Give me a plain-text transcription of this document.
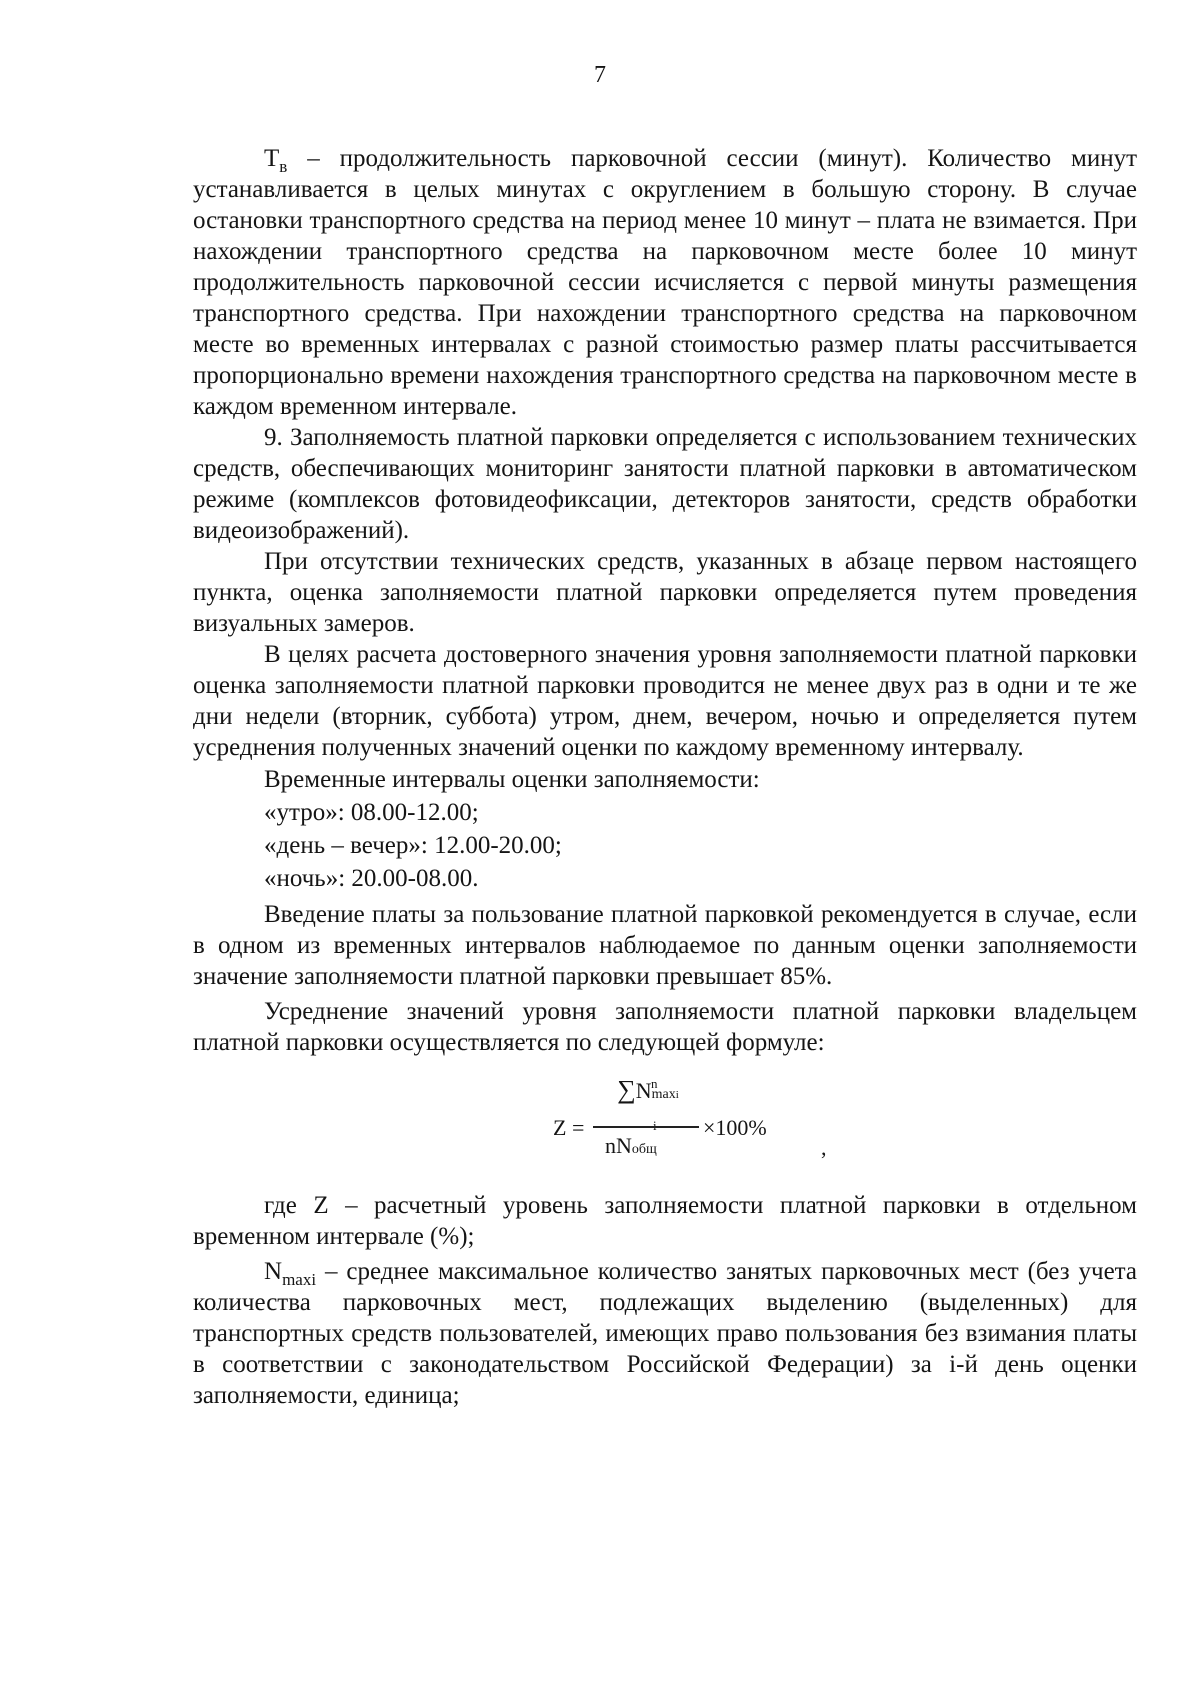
7

$Т_в$ – продолжительность парковочной сессии (минут). Количество минут устанавливается в целых минутах с округлением в большую сторону. В случае остановки транспортного средства на период менее 10 минут – плата не взимается. При нахождении транспортного средства на парковочном месте более 10 минут продолжительность парковочной сессии исчисляется с первой минуты размещения транспортного средства. При нахождении транспортного средства на парковочном месте во временных интервалах с разной стоимостью размер платы рассчитывается пропорционально времени нахождения транспортного средства на парковочном месте в каждом временном интервале.

9. Заполняемость платной парковки определяется с использованием технических средств, обеспечивающих мониторинг занятости платной парковки в автоматическом режиме (комплексов фотовидеофиксации, детекторов занятости, средств обработки видеоизображений).

При отсутствии технических средств, указанных в абзаце первом настоящего пункта, оценка заполняемости платной парковки определяется путем проведения визуальных замеров.

В целях расчета достоверного значения уровня заполняемости платной парковки оценка заполняемости платной парковки проводится не менее двух раз в одни и те же дни недели (вторник, суббота) утром, днем, вечером, ночью и определяется путем усреднения полученных значений оценки по каждому временному интервалу.

Временные интервалы оценки заполняемости:

«утро»: 08.00-12.00;

«день – вечер»: 12.00-20.00;

«ночь»: 20.00-08.00.

Введение платы за пользование платной парковкой рекомендуется в случае, если в одном из временных интервалов наблюдаемое по данным оценки заполняемости значение заполняемости платной парковки превышает 85%.

Усреднение значений уровня заполняемости платной парковки владельцем платной парковки осуществляется по следующей формуле:

Z =
n
∑Nmaxi
nNобщ
×100%
,

где Z – расчетный уровень заполняемости платной парковки в отдельном временном интервале (%);

$N_{maxi}$ – среднее максимальное количество занятых парковочных мест (без учета количества парковочных мест, подлежащих выделению (выделенных) для транспортных средств пользователей, имеющих право пользования без взимания платы в соответствии с законодательством Российской Федерации) за i-й день оценки заполняемости, единица;
